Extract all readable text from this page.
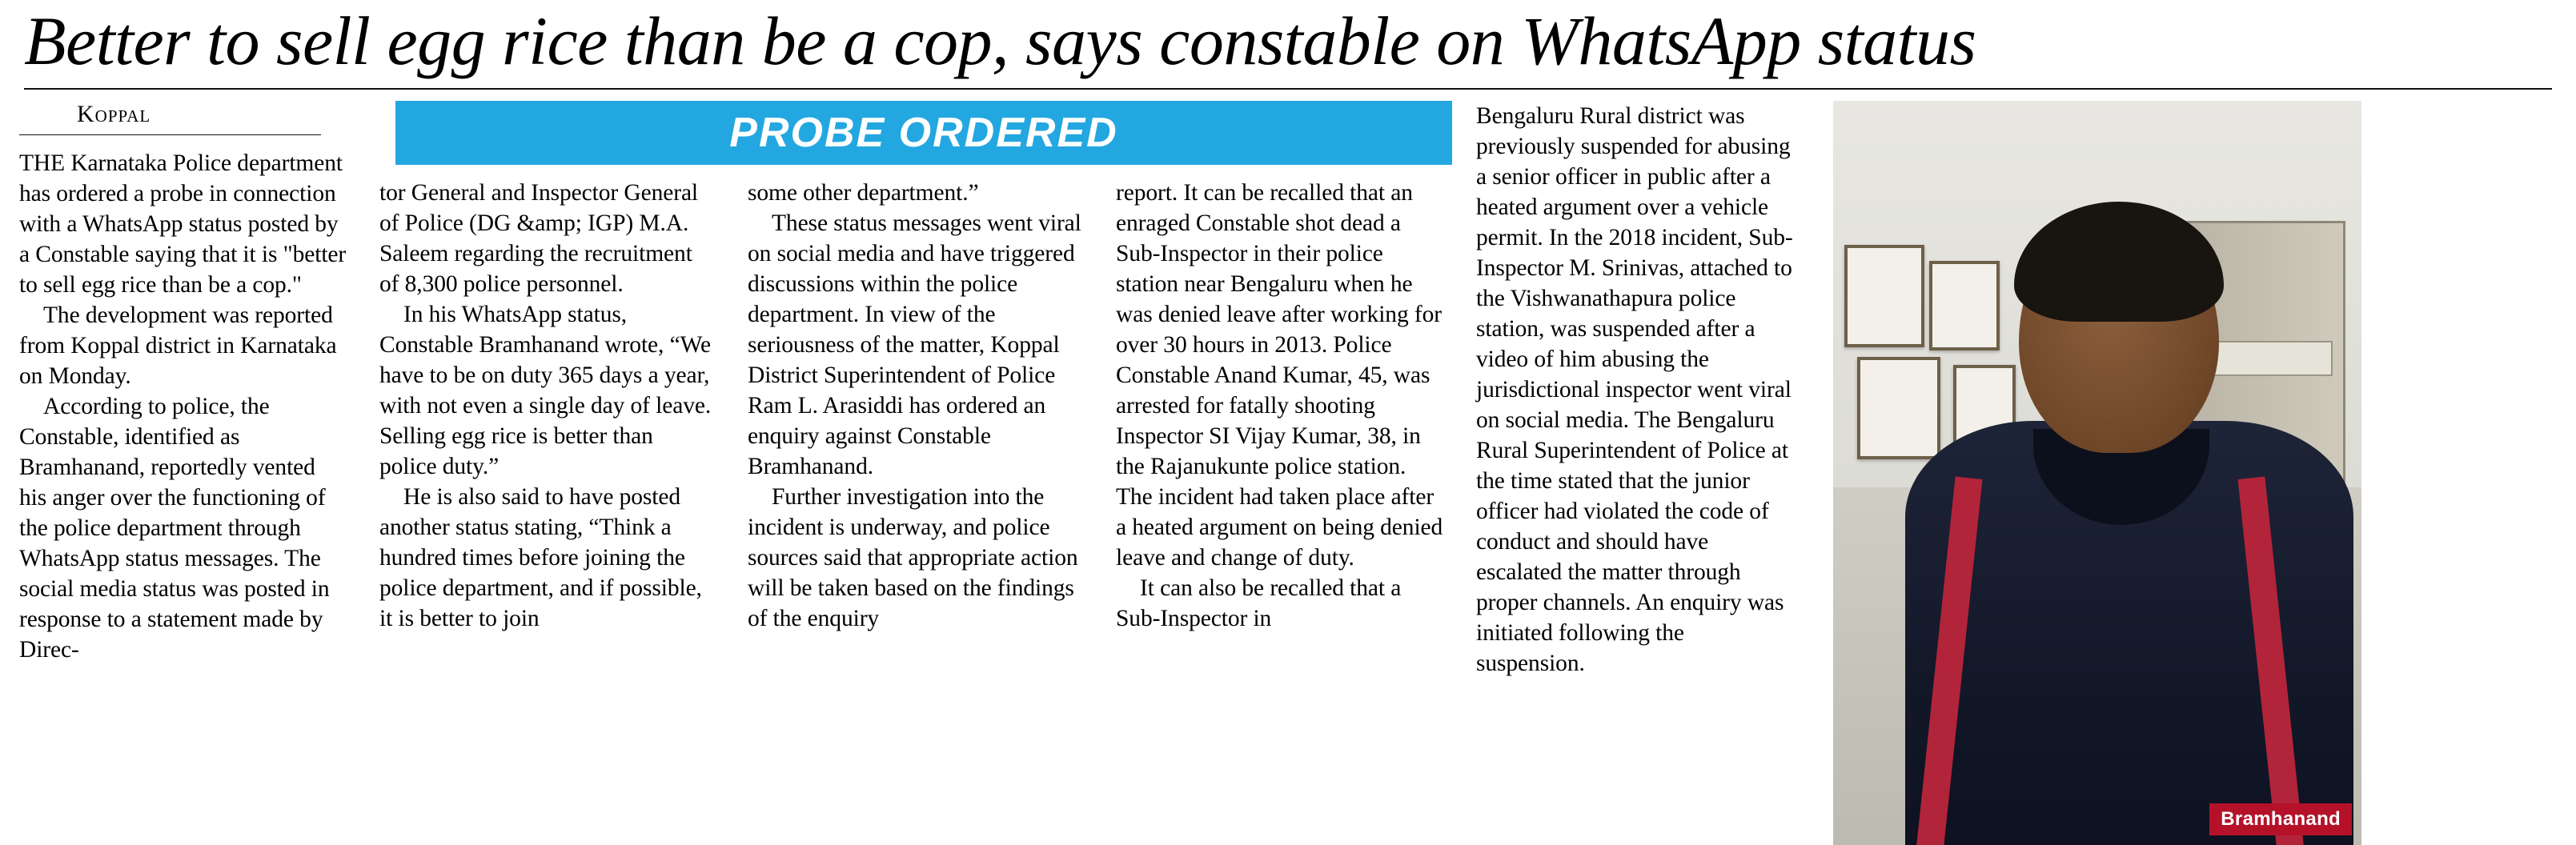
Better to sell egg rice than be a cop, says constable on WhatsApp status
PROBE ORDERED
Koppal

THE Karnataka Police department has ordered a probe in connection with a WhatsApp status posted by a Constable saying that it is "better to sell egg rice than be a cop."

The development was reported from Koppal district in Karnataka on Monday.

According to police, the Constable, identified as Bramhanand, reportedly vented his anger over the functioning of the police department through WhatsApp status messages. The social media status was posted in response to a statement made by Direc-

tor General and Inspector General of Police (DG &amp; IGP) M.A. Saleem regarding the recruitment of 8,300 police personnel.

In his WhatsApp status, Constable Bramhanand wrote, “We have to be on duty 365 days a year, with not even a single day of leave. Selling egg rice is better than police duty.”

He is also said to have posted another status stating, “Think a hundred times before joining the police department, and if possible, it is better to join

some other department.”

These status messages went viral on social media and have triggered discussions within the police department. In view of the seriousness of the matter, Koppal District Superintendent of Police Ram L. Arasiddi has ordered an enquiry against Constable Bramhanand.

Further investigation into the incident is underway, and police sources said that appropriate action will be taken based on the findings of the enquiry

report. It can be recalled that an enraged Constable shot dead a Sub-Inspector in their police station near Bengaluru when he was denied leave after working for over 30 hours in 2013. Police Constable Anand Kumar, 45, was arrested for fatally shooting Inspector SI Vijay Kumar, 38, in the Rajanukunte police station. The incident had taken place after a heated argument on being denied leave and change of duty.

It can also be recalled that a Sub-Inspector in

Bengaluru Rural district was previously suspended for abusing a senior officer in public after a heated argument over a vehicle permit. In the 2018 incident, Sub-Inspector M. Srinivas, attached to the Vishwanathapura police station, was suspended after a video of him abusing the jurisdictional inspector went viral on social media. The Bengaluru Rural Superintendent of Police at the time stated that the junior officer had violated the code of conduct and should have escalated the matter through proper channels. An enquiry was initiated following the suspension.

Bramhanand
